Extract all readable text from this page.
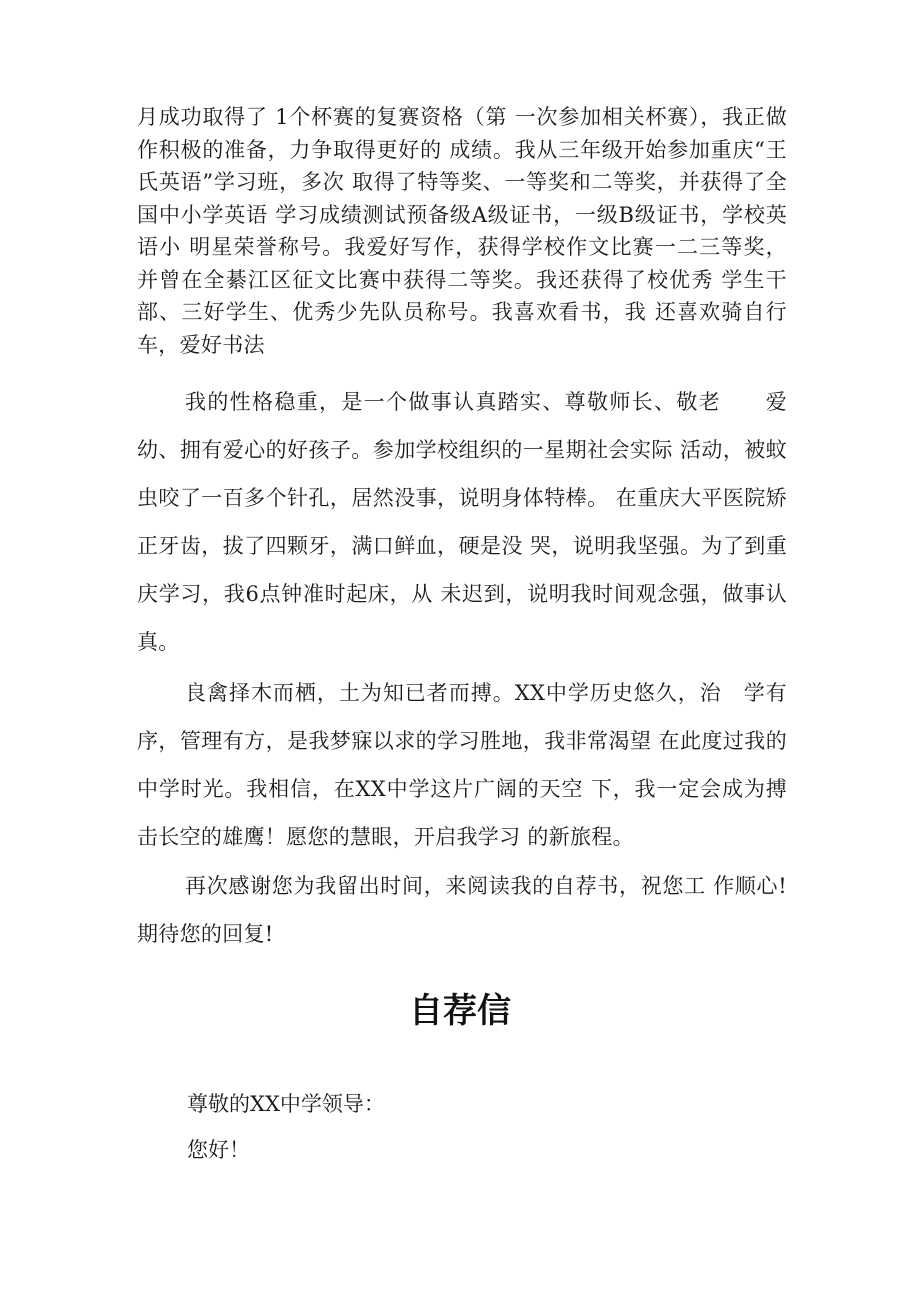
月成功取得了 1个杯赛的复赛资格（第 一次参加相关杯赛），我正做作积极的准备，力争取得更好的 成绩。我从三年级开始参加重庆“王氏英语”学习班，多次 取得了特等奖、一等奖和二等奖，并获得了全国中小学英语 学习成绩测试预备级A级证书，一级B级证书，学校英语小 明星荣誉称号。我爱好写作，获得学校作文比赛一二三等奖， 并曾在全綦江区征文比赛中获得二等奖。我还获得了校优秀 学生干部、三好学生、优秀少先队员称号。我喜欢看书，我 还喜欢骑自行车，爱好书法

我的性格稳重，是一个做事认真踏实、尊敬师长、敬老　　爱幼、拥有爱心的好孩子。参加学校组织的一星期社会实际 活动，被蚊虫咬了一百多个针孔，居然没事，说明身体特棒。 在重庆大平医院矫正牙齿，拔了四颗牙，满口鲜血，硬是没 哭，说明我坚强。为了到重庆学习，我6点钟准时起床，从 未迟到，说明我时间观念强，做事认真。

良禽择木而栖，土为知已者而搏。XX中学历史悠久，治　学有序，管理有方，是我梦寐以求的学习胜地，我非常渴望 在此度过我的中学时光。我相信，在XX中学这片广阔的天空 下，我一定会成为搏击长空的雄鹰！愿您的慧眼，开启我学习 的新旅程。

再次感谢您为我留出时间，来阅读我的自荐书，祝您工 作顺心!期待您的回复!

自荐信

尊敬的XX中学领导：

您好！
